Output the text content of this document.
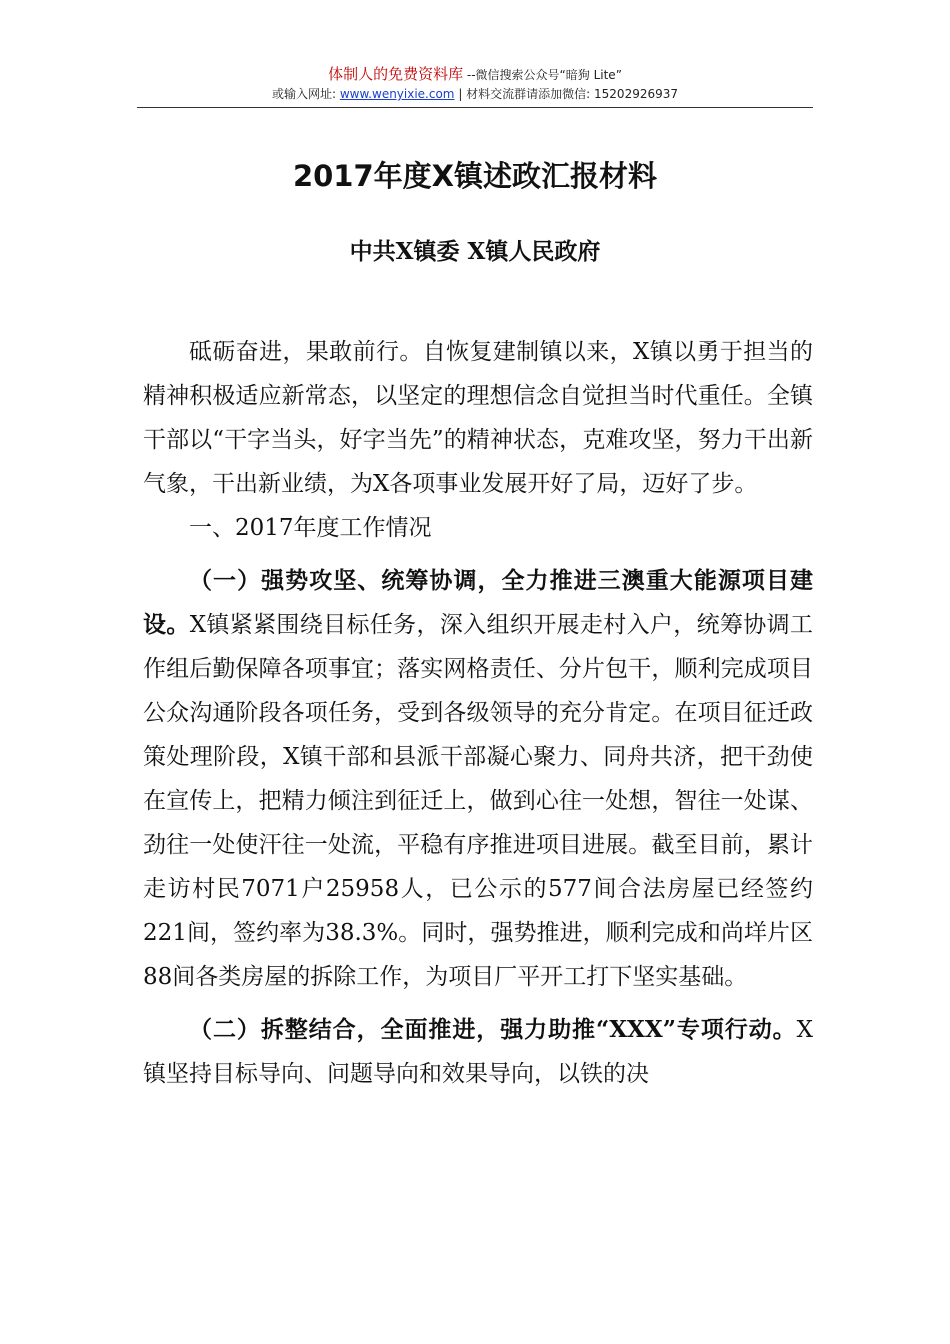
体制人的免费资料库 --微信搜索公众号“暗狗 Lite”
或输入网址: www.wenyixie.com | 材料交流群请添加微信: 15202926937
2017年度X镇述政汇报材料
中共X镇委 X镇人民政府

砥砺奋进，果敢前行。自恢复建制镇以来，X镇以勇于担当的精神积极适应新常态，以坚定的理想信念自觉担当时代重任。全镇干部以“干字当头，好字当先”的精神状态，克难攻坚，努力干出新气象，干出新业绩，为X各项事业发展开好了局，迈好了步。

一、2017年度工作情况

（一）强势攻坚、统筹协调，全力推进三澳重大能源项目建设。X镇紧紧围绕目标任务，深入组织开展走村入户，统筹协调工作组后勤保障各项事宜；落实网格责任、分片包干，顺利完成项目公众沟通阶段各项任务，受到各级领导的充分肯定。在项目征迁政策处理阶段，X镇干部和县派干部凝心聚力、同舟共济，把干劲使在宣传上，把精力倾注到征迁上，做到心往一处想，智往一处谋、劲往一处使汗往一处流，平稳有序推进项目进展。截至目前，累计走访村民7071户25958人，已公示的577间合法房屋已经签约221间，签约率为38.3%。同时，强势推进，顺利完成和尚垟片区88间各类房屋的拆除工作，为项目厂平开工打下坚实基础。

（二）拆整结合，全面推进，强力助推“XXX”专项行动。X镇坚持目标导向、问题导向和效果导向，以铁的决
